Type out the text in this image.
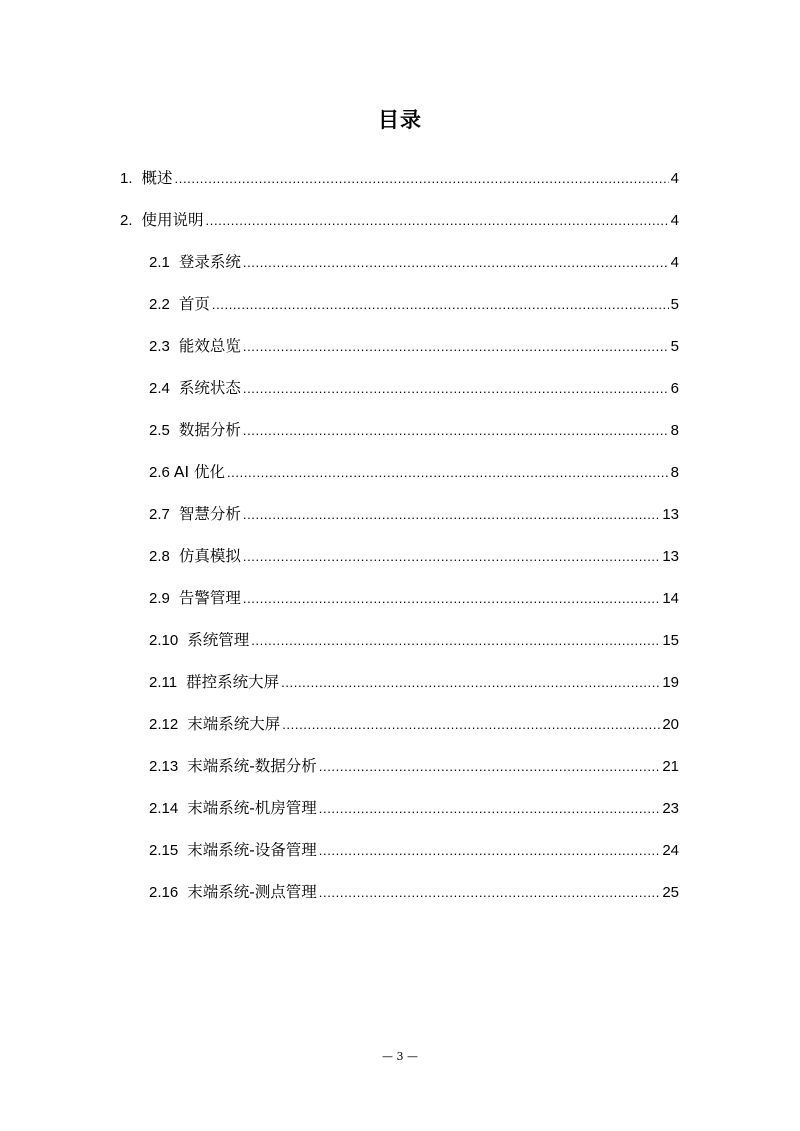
目录
1. 概述 .....	4
2. 使用说明 .....	4
2.1 登录系统 .....	4
2.2 首页 .....	5
2.3 能效总览 .....	5
2.4 系统状态 .....	6
2.5 数据分析 .....	8
2.6 AI 优化 .....	8
2.7 智慧分析 .....	13
2.8 仿真模拟 .....	13
2.9 告警管理 .....	14
2.10 系统管理 .....	15
2.11 群控系统大屏 .....	19
2.12 末端系统大屏 .....	20
2.13 末端系统-数据分析 .....	21
2.14 末端系统-机房管理 .....	23
2.15 末端系统-设备管理 .....	24
2.16 末端系统-测点管理 .....	25
— 3 —
